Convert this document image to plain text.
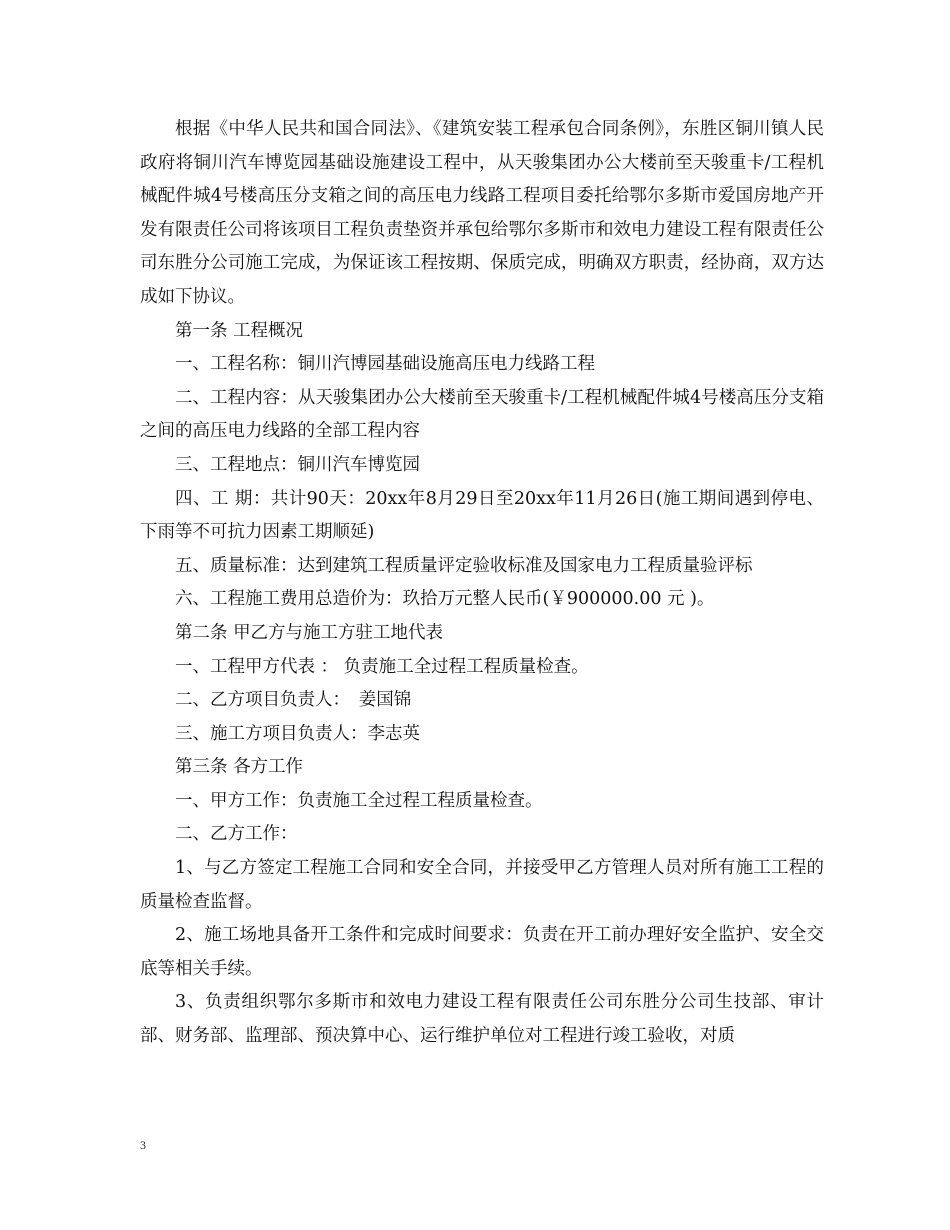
根据《中华人民共和国合同法》、《建筑安装工程承包合同条例》，东胜区铜川镇人民政府将铜川汽车博览园基础设施建设工程中，从天骏集团办公大楼前至天骏重卡/工程机械配件城4号楼高压分支箱之间的高压电力线路工程项目委托给鄂尔多斯市爱国房地产开发有限责任公司将该项目工程负责垫资并承包给鄂尔多斯市和效电力建设工程有限责任公司东胜分公司施工完成，为保证该工程按期、保质完成，明确双方职责，经协商，双方达成如下协议。

第一条 工程概况

一、工程名称：铜川汽博园基础设施高压电力线路工程

二、工程内容：从天骏集团办公大楼前至天骏重卡/工程机械配件城4号楼高压分支箱之间的高压电力线路的全部工程内容

三、工程地点：铜川汽车博览园

四、工 期：共计90天：20xx年8月29日至20xx年11月26日(施工期间遇到停电、下雨等不可抗力因素工期顺延)

五、质量标准：达到建筑工程质量评定验收标准及国家电力工程质量验评标

六、工程施工费用总造价为：玖拾万元整人民币(￥900000.00 元 )。

第二条 甲乙方与施工方驻工地代表

一、工程甲方代表 ： 负责施工全过程工程质量检查。

二、乙方项目负责人：　姜国锦

三、施工方项目负责人：李志英

第三条 各方工作

一、甲方工作：负责施工全过程工程质量检查。

二、乙方工作：

1、与乙方签定工程施工合同和安全合同，并接受甲乙方管理人员对所有施工工程的质量检查监督。

2、施工场地具备开工条件和完成时间要求：负责在开工前办理好安全监护、安全交底等相关手续。

3、负责组织鄂尔多斯市和效电力建设工程有限责任公司东胜分公司生技部、审计部、财务部、监理部、预决算中心、运行维护单位对工程进行竣工验收，对质

3
